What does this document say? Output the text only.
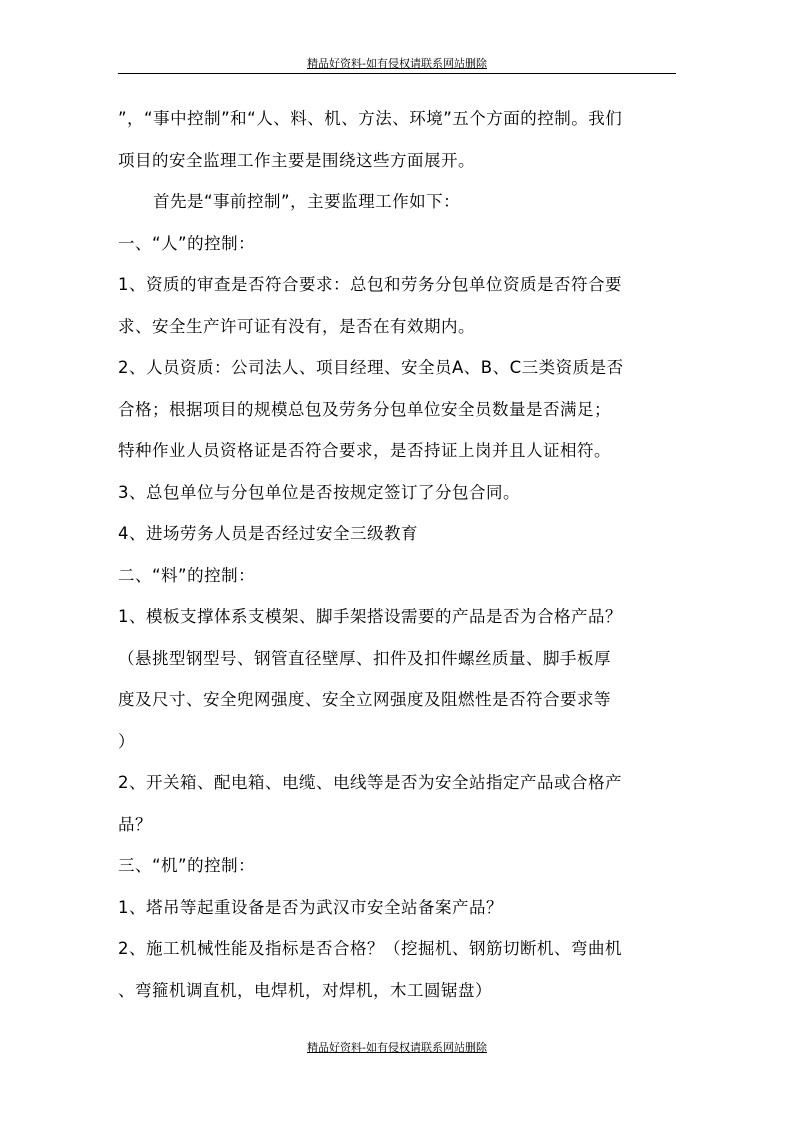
精品好资料-如有侵权请联系网站删除
”，“事中控制”和“人、料、机、方法、环境”五个方面的控制。我们
项目的安全监理工作主要是围绕这些方面展开。
首先是“事前控制”，主要监理工作如下：
一、“人”的控制：
1、资质的审查是否符合要求：总包和劳务分包单位资质是否符合要
求、安全生产许可证有没有，是否在有效期内。
2、人员资质：公司法人、项目经理、安全员A、B、C三类资质是否
合格；根据项目的规模总包及劳务分包单位安全员数量是否满足；
特种作业人员资格证是否符合要求，是否持证上岗并且人证相符。
3、总包单位与分包单位是否按规定签订了分包合同。
4、进场劳务人员是否经过安全三级教育
二、“料”的控制：
1、模板支撑体系支模架、脚手架搭设需要的产品是否为合格产品？
（悬挑型钢型号、钢管直径壁厚、扣件及扣件螺丝质量、脚手板厚
度及尺寸、安全兜网强度、安全立网强度及阻燃性是否符合要求等
）
2、开关箱、配电箱、电缆、电线等是否为安全站指定产品或合格产
品？
三、“机”的控制：
1、塔吊等起重设备是否为武汉市安全站备案产品？
2、施工机械性能及指标是否合格？（挖掘机、钢筋切断机、弯曲机
、弯箍机调直机，电焊机，对焊机，木工圆锯盘）
精品好资料-如有侵权请联系网站删除
